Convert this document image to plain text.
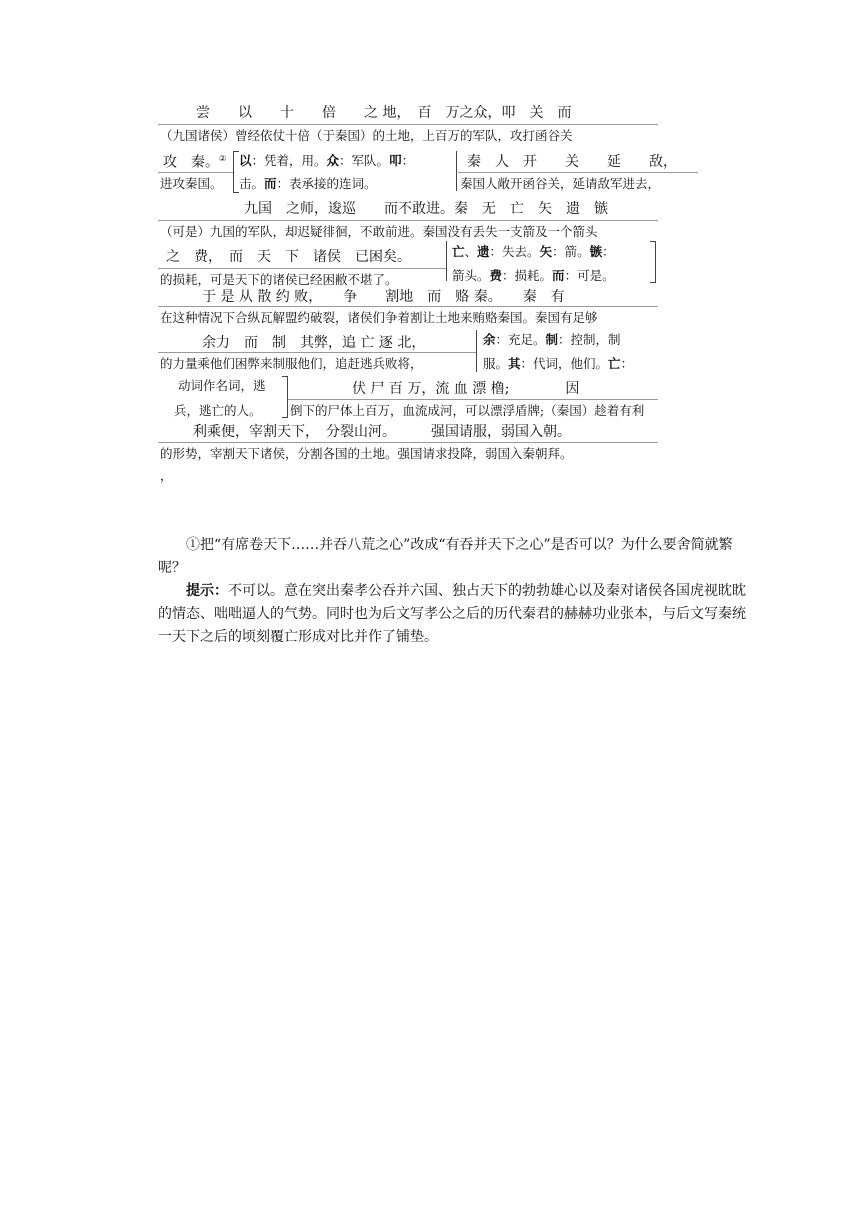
尝　　以　　十　　倍　　之 地，　百　万之众，叩　关　而
（九国诸侯）曾经依仗十倍（于秦国）的土地，上百万的军队，攻打函谷关
攻　秦。② 以：凭着，用。众：军队。叩：	秦　人　开　　关　　延　　敌，
进攻秦国。 击。而：表承接的连词。	秦国人敞开函谷关，延请敌军进去，
九国　之师，逡巡　　而不敢进。秦　无　亡　矢　遗　镞
（可是）九国的军队，却迟疑徘徊，不敢前进。秦国没有丢失一支箭及一个箭头
之　费，　而　天　下　诸侯　已困矣。	亡、遗：失去。矢：箭。镞：
的损耗，可是天下的诸侯已经困敝不堪了。	箭头。费：损耗。而：可是。
于 是 从 散 约 败，　　争　　割地　而　赂 秦。　　秦　有
在这种情况下合纵瓦解盟约破裂，诸侯们争着割让土地来贿赂秦国。秦国有足够
余力　而　制　其弊，追 亡 逐 北，	余：充足。制：控制，制
的力量乘他们困弊来制服他们，追赶逃兵败将，	服。其：代词，他们。亡：
动词作名词，逃	伏 尸 百 万，流 血 漂 橹;　　　　因
兵，逃亡的人。 倒下的尸体上百万，血流成河，可以漂浮盾牌;（秦国）趁着有利
利乘便，宰割天下，　分裂山河。　　　强国请服，弱国入朝。
的形势，宰割天下诸侯，分割各国的土地。强国请求投降，弱国入秦朝拜。
，

①把“有席卷天下……并吞八荒之心”改成“有吞并天下之心”是否可以？为什么要舍简就繁呢？

提示：不可以。意在突出秦孝公吞并六国、独占天下的勃勃雄心以及秦对诸侯各国虎视眈眈的情态、咄咄逼人的气势。同时也为后文写孝公之后的历代秦君的赫赫功业张本，与后文写秦统一天下之后的顷刻覆亡形成对比并作了铺垫。
